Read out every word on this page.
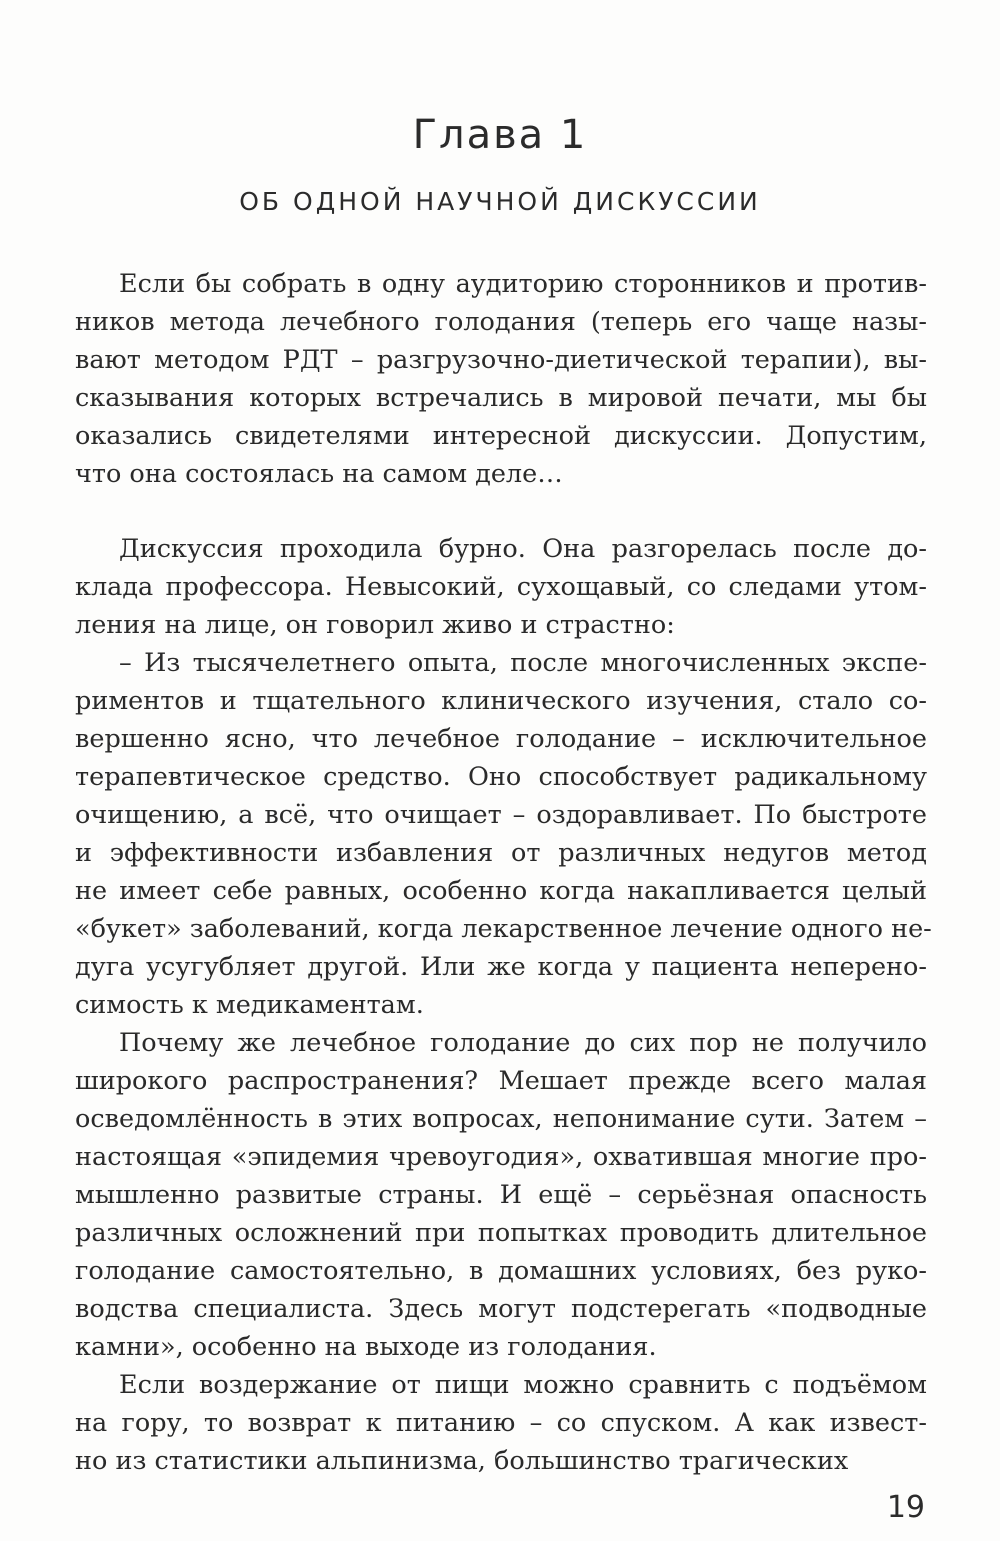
Глава 1
ОБ ОДНОЙ НАУЧНОЙ ДИСКУССИИ
Если бы собрать в одну аудиторию сторонников и против-
ников метода лечебного голодания (теперь его чаще назы-
вают методом РДТ – разгрузочно-диетической терапии), вы-
сказывания которых встречались в мировой печати, мы бы
оказались свидетелями интересной дискуссии. Допустим,
что она состоялась на самом деле…
Дискуссия проходила бурно. Она разгорелась после до-
клада профессора. Невысокий, сухощавый, со следами утом-
ления на лице, он говорил живо и страстно:
– Из тысячелетнего опыта, после многочисленных экспе-
риментов и тщательного клинического изучения, стало со-
вершенно ясно, что лечебное голодание – исключительное
терапевтическое средство. Оно способствует радикальному
очищению, а всё, что очищает – оздоравливает. По быстроте
и эффективности избавления от различных недугов метод
не имеет себе равных, особенно когда накапливается целый
«букет» заболеваний, когда лекарственное лечение одного не-
дуга усугубляет другой. Или же когда у пациента неперено-
симость к медикаментам.
Почему же лечебное голодание до сих пор не получило
широкого распространения? Мешает прежде всего малая
осведомлённость в этих вопросах, непонимание сути. Затем –
настоящая «эпидемия чревоугодия», охватившая многие про-
мышленно развитые страны. И ещё – серьёзная опасность
различных осложнений при попытках проводить длительное
голодание самостоятельно, в домашних условиях, без руко-
водства специалиста. Здесь могут подстерегать «подводные
камни», особенно на выходе из голодания.
Если воздержание от пищи можно сравнить с подъёмом
на гору, то возврат к питанию – со спуском. А как извест-
но из статистики альпинизма, большинство трагических
19
